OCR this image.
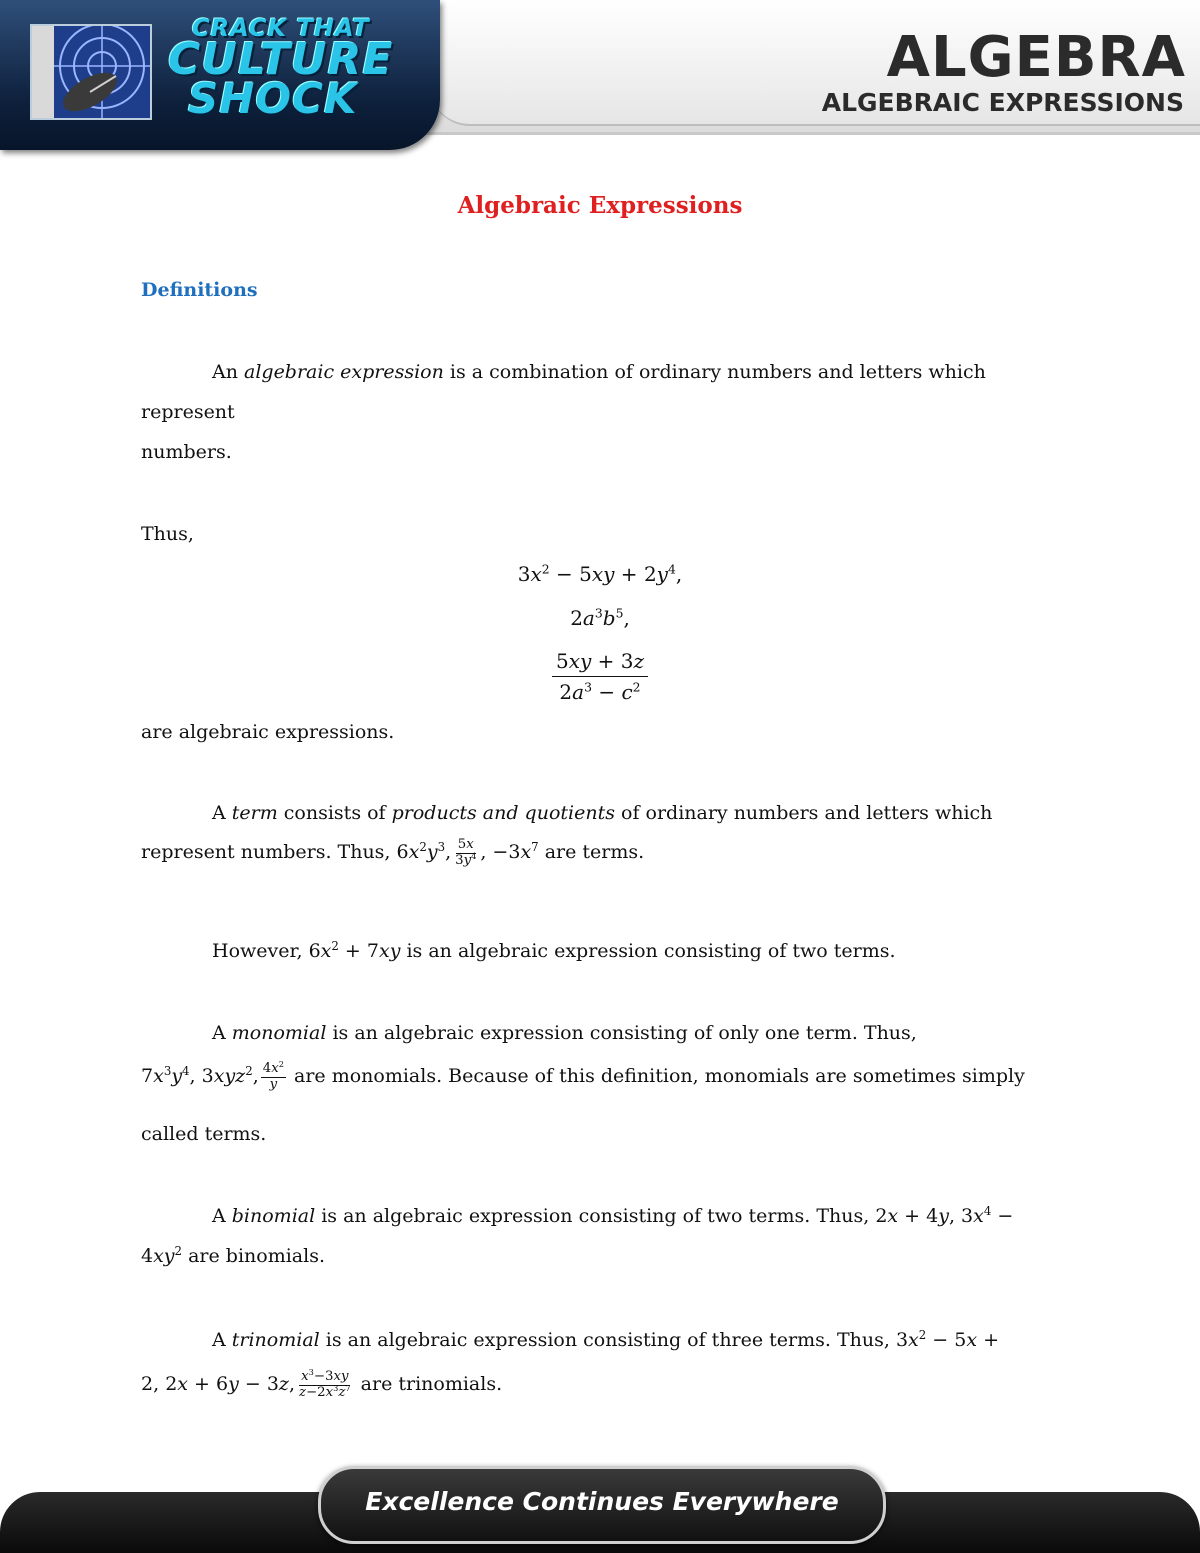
CRACK THAT
CULTURE
SHOCK
ALGEBRA
ALGEBRAIC EXPRESSIONS
Algebraic Expressions
Definitions
An algebraic expression is a combination of ordinary numbers and letters which
represent
numbers.
Thus,
$3x^2 - 5xy + 2y^4$,
$2a^3b^5$,
$\frac{5xy + 3z}{2a^3 - c^2}$
are algebraic expressions.
A term consists of products and quotients of ordinary numbers and letters which
represent numbers. Thus, $6x^2y^3$, $\frac{5x}{3y^4}$ , $-3x^7$ are terms.
However, $6x^2 + 7xy$ is an algebraic expression consisting of two terms.
A monomial is an algebraic expression consisting of only one term. Thus,
$7x^3y^4$, 3xyz$^2$, $\frac{4x^2}{y}$ are monomials. Because of this definition, monomials are sometimes simply
called terms.
A binomial is an algebraic expression consisting of two terms. Thus, 2x + 4y, $3x^4$ −
$4xy^2$ are binomials.
A trinomial is an algebraic expression consisting of three terms. Thus, $3x^2 - 5x$ +
2, 2x + 6y − 3z, $\frac{x^3-3xy}{z-2x^3z^7}$ are trinomials.
Excellence Continues Everywhere
